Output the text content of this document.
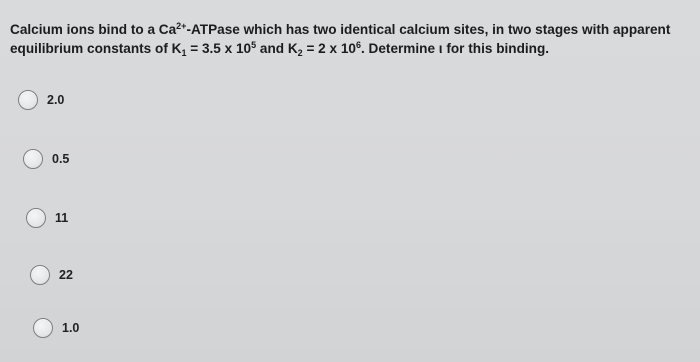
Calcium ions bind to a $Ca^{2+}$-ATPase which has two identical calcium sites, in two stages with apparent equilibrium constants of $K_1 = 3.5$ x $10^5$ and $K_2 = 2$ x $10^6$. Determine ι for this binding.
2.0
0.5
11
22
1.0
